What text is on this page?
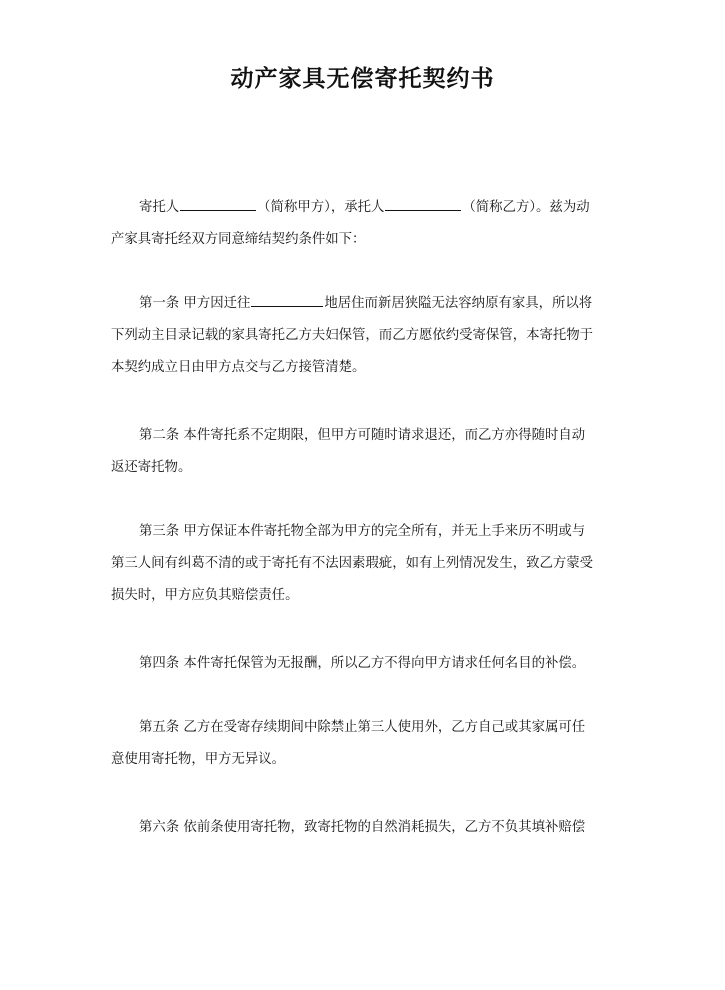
动产家具无偿寄托契约书
寄托人	（简称甲方），承托人	（简称乙方）。兹为动
产家具寄托经双方同意缔结契约条件如下：
第一条 甲方因迁往	地居住而新居狭隘无法容纳原有家具，所以将
下列动主目录记载的家具寄托乙方夫妇保管，而乙方愿依约受寄保管，本寄托物于
本契约成立日由甲方点交与乙方接管清楚。
第二条 本件寄托系不定期限，但甲方可随时请求退还，而乙方亦得随时自动
返还寄托物。
第三条 甲方保证本件寄托物全部为甲方的完全所有，并无上手来历不明或与
第三人间有纠葛不清的或于寄托有不法因素瑕疵，如有上列情况发生，致乙方蒙受
损失时，甲方应负其赔偿责任。
第四条 本件寄托保管为无报酬，所以乙方不得向甲方请求任何名目的补偿。
第五条 乙方在受寄存续期间中除禁止第三人使用外，乙方自己或其家属可任
意使用寄托物，甲方无异议。
第六条 依前条使用寄托物，致寄托物的自然消耗损失，乙方不负其填补赔偿
